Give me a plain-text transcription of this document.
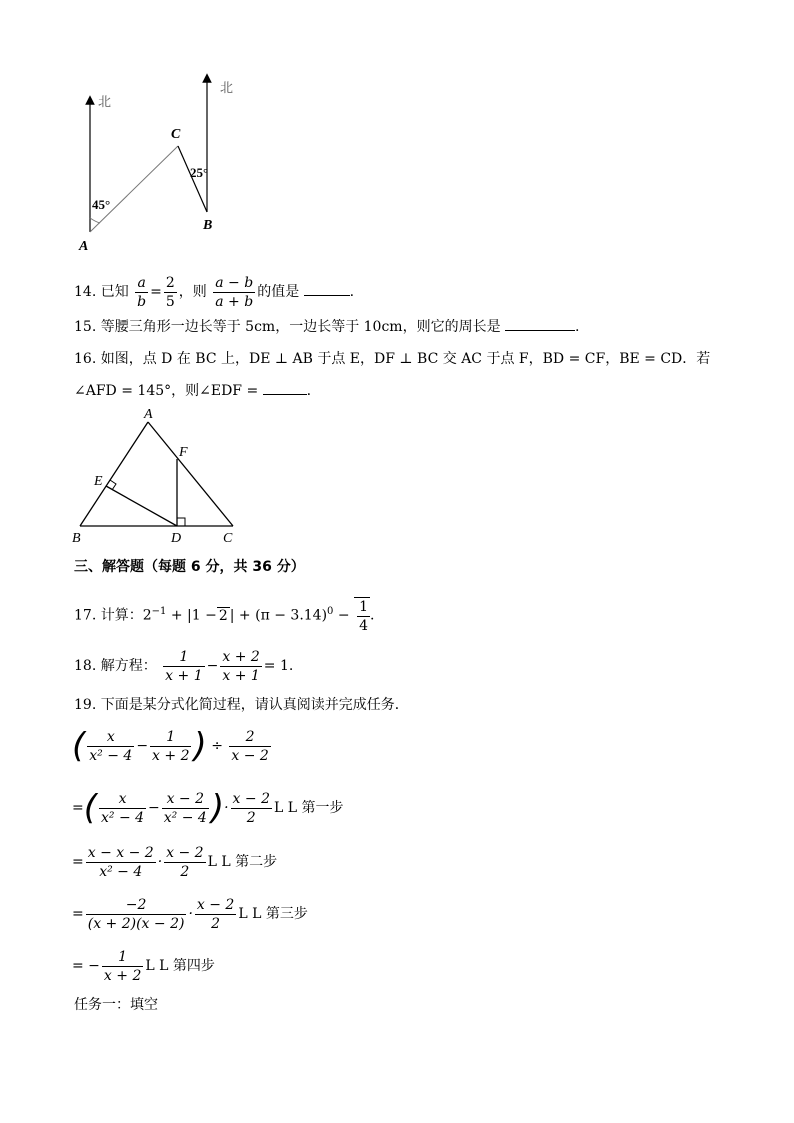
北
北
C
A
B
45°
25°
14. 已知 $\frac{a}{b} = \frac{2}{5}$ ，则 $\frac{a - b}{a + b}$ 的值是	.
15. 等腰三角形一边长等于 5cm，一边长等于 10cm，则它的周长是	.
16. 如图，点 D 在 BC 上，DE ⊥ AB 于点 E，DF ⊥ BC 交 AC 于点 F，BD = CF，BE = CD．若
∠AFD = 145°，则∠EDF =	.
A
F
E
B	D	C
三、解答题（每题 6 分，共 36 分）
17. 计算：$2^{-1} + |1 - 2$ | + $(\pi - 3.14)^0 - \frac{1}{4}$ .
18. 解方程： $\frac{1}{x + 1} - \frac{x + 2}{x + 1} = 1$.
19. 下面是某分式化简过程，请认真阅读并完成任务．
( $\frac{x}{\text{x² − 4}} - \frac{1}{x + 2}$ ) ÷ $\frac{2}{x - 2}$
=( $\frac{x}{\text{x² − 4}} - \frac{x - 2}{\text{x² − 4}}$ )· $\frac{x - 2}{2}$ L L 第一步
= $\frac{x - x - 2}{\text{x² − 4}} \cdot \frac{x - 2}{2}$ L L 第二步
= $\frac{-2}{(x + 2)(x - 2)} \cdot \frac{x - 2}{2}$ L L 第三步
= − $\frac{1}{x + 2}$ L L 第四步
任务一：填空
